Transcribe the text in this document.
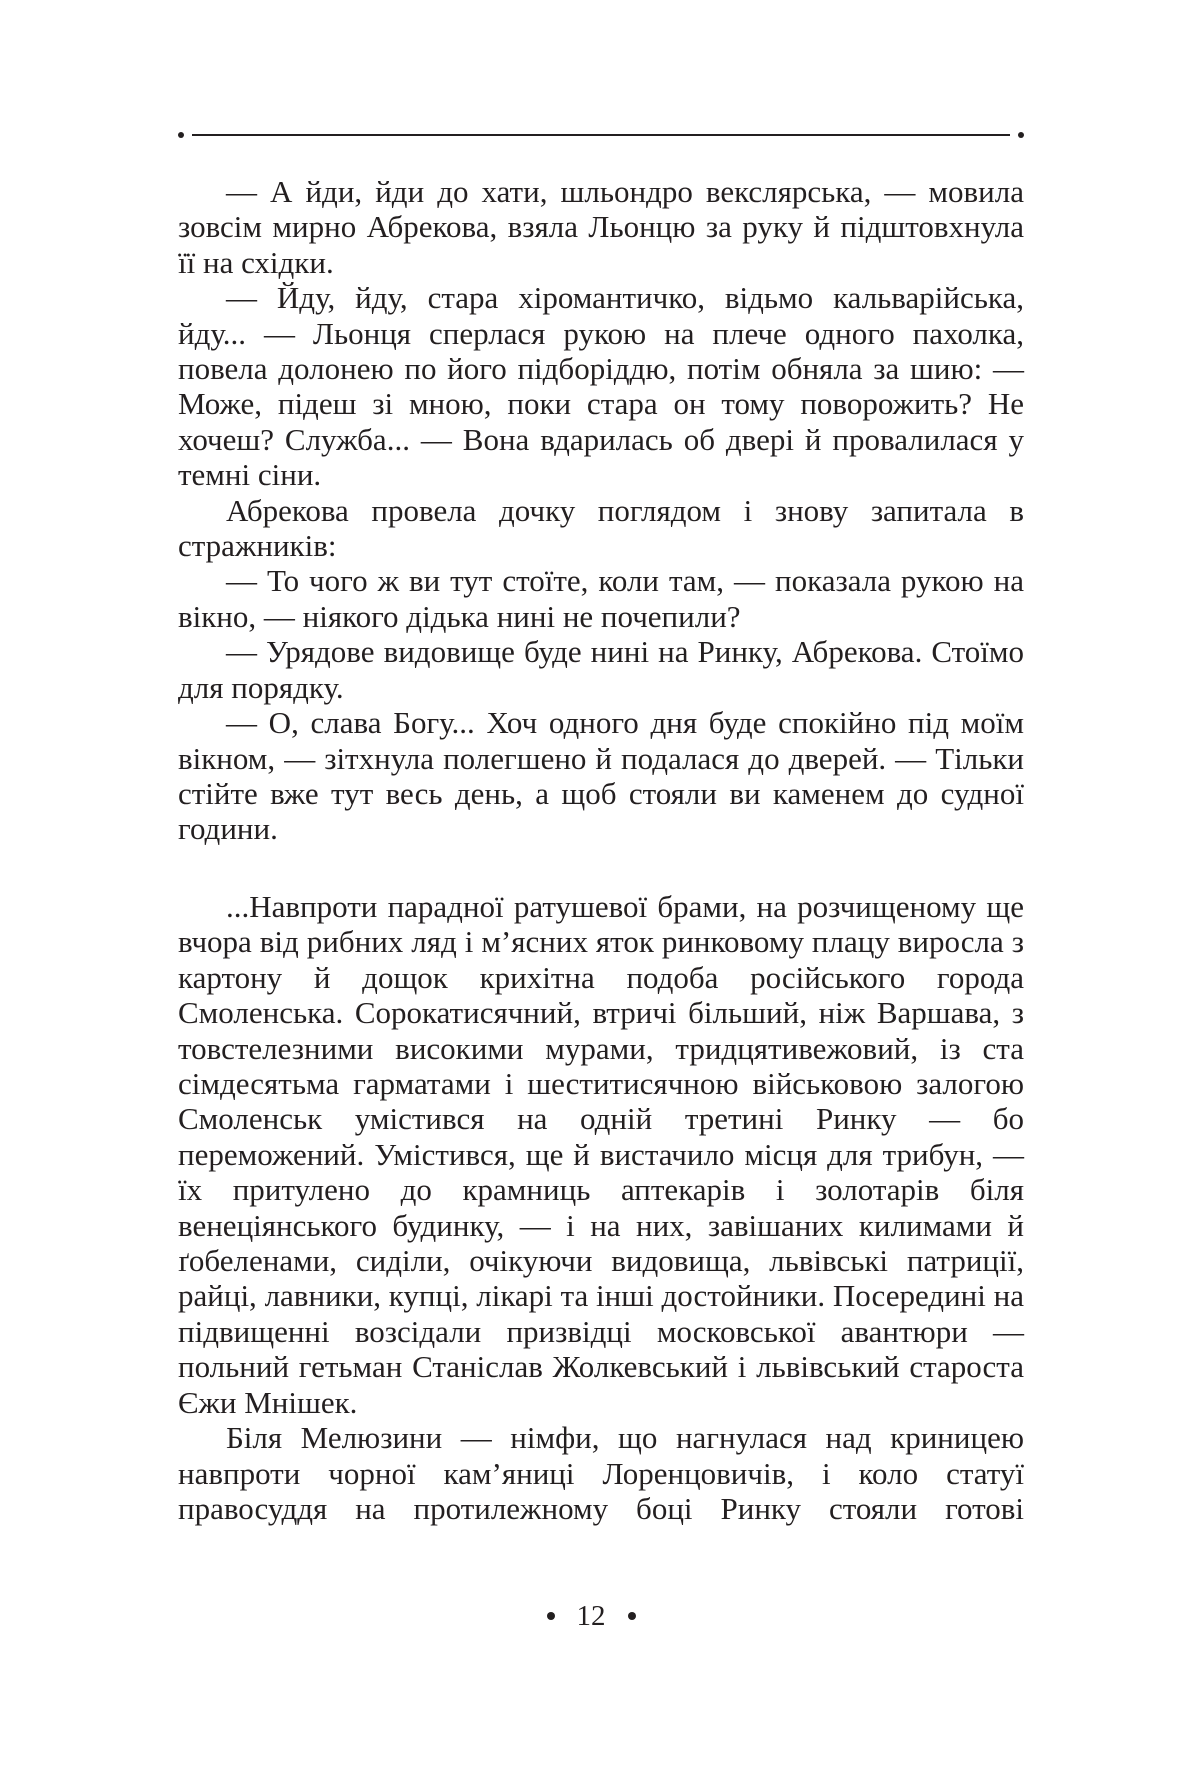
— А йди, йди до хати, шльондро векслярська, — мовила зовсім мирно Абрекова, взяла Льонцю за руку й підштовхнула її на східки.

— Йду, йду, стара хіромантичко, відьмо кальварійська, йду... — Льонця сперлася рукою на плече одного пахолка, повела долонею по його підборіддю, потім обняла за шию: — Може, підеш зі мною, поки стара он тому поворожить? Не хочеш? Служба... — Вона вдарилась об двері й провалилася у темні сіни.

Абрекова провела дочку поглядом і знову запитала в стражників:

— То чого ж ви тут стоїте, коли там, — показала рукою на вікно, — ніякого дідька нині не почепили?

— Урядове видовище буде нині на Ринку, Абрекова. Стоїмо для порядку.

— О, слава Богу... Хоч одного дня буде спокійно під моїм вікном, — зітхнула полегшено й подалася до дверей. — Тільки стійте вже тут весь день, а щоб стояли ви каменем до судної години.

...Навпроти парадної ратушевої брами, на розчищеному ще вчора від рибних ляд і м’ясних яток ринковому плацу виросла з картону й дощок крихітна подоба російського города Смоленська. Сорокатисячний, втричі більший, ніж Варшава, з товстелезними високими мурами, тридцятивежовий, із ста сімдесятьма гарматами і шеститисячною військовою залогою Смоленськ умістився на одній третині Ринку — бо переможений. Умістився, ще й вистачило місця для трибун, — їх притулено до крамниць аптекарів і золотарів біля венеціянського будинку, — і на них, завішаних килимами й ґобеленами, сиділи, очікуючи видовища, львівські патриції, райці, лавники, купці, лікарі та інші достойники. Посередині на підвищенні возсідали призвідці московської авантюри — польний гетьман Станіслав Жолкевський і львівський староста Єжи Мнішек.

Біля Мелюзини — німфи, що нагнулася над криницею навпроти чорної кам’яниці Лоренцовичів, і коло статуї правосуддя на протилежному боці Ринку стояли готові

12
